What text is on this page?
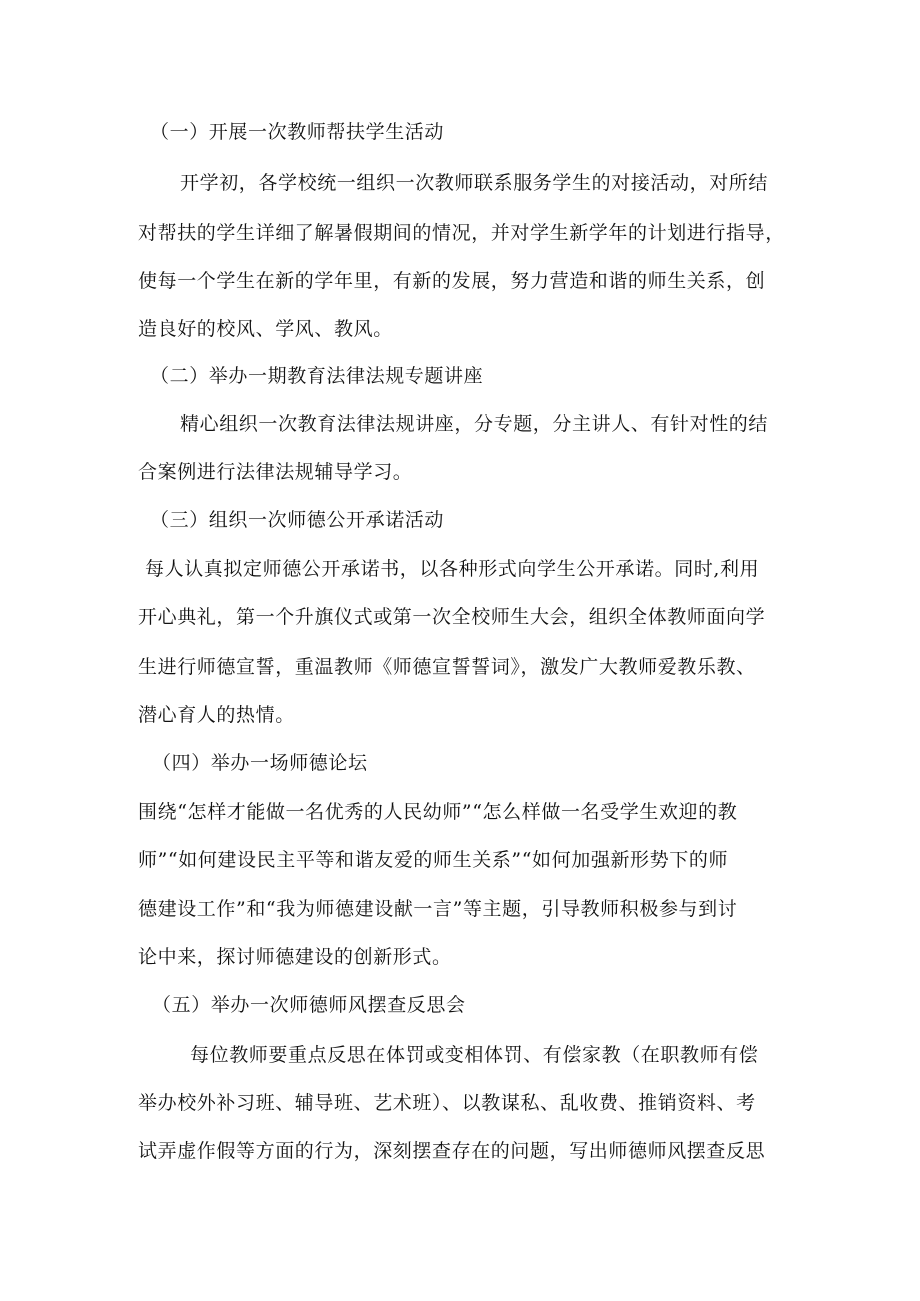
（一）开展一次教师帮扶学生活动
开学初，各学校统一组织一次教师联系服务学生的对接活动，对所结
对帮扶的学生详细了解暑假期间的情况，并对学生新学年的计划进行指导，
使每一个学生在新的学年里，有新的发展，努力营造和谐的师生关系，创
造良好的校风、学风、教风。
（二）举办一期教育法律法规专题讲座
精心组织一次教育法律法规讲座，分专题，分主讲人、有针对性的结
合案例进行法律法规辅导学习。
（三）组织一次师德公开承诺活动
每人认真拟定师德公开承诺书，以各种形式向学生公开承诺。同时,利用
开心典礼，第一个升旗仪式或第一次全校师生大会，组织全体教师面向学
生进行师德宣誓，重温教师《师德宣誓誓词》，激发广大教师爱教乐教、
潜心育人的热情。
（四）举办一场师德论坛
围绕“怎样才能做一名优秀的人民幼师”“怎么样做一名受学生欢迎的教
师”“如何建设民主平等和谐友爱的师生关系”“如何加强新形势下的师
德建设工作”和“我为师德建设献一言”等主题，引导教师积极参与到讨
论中来，探讨师德建设的创新形式。
（五）举办一次师德师风摆查反思会
每位教师要重点反思在体罚或变相体罚、有偿家教（在职教师有偿
举办校外补习班、辅导班、艺术班）、以教谋私、乱收费、推销资料、考
试弄虚作假等方面的行为，深刻摆查存在的问题，写出师德师风摆查反思
